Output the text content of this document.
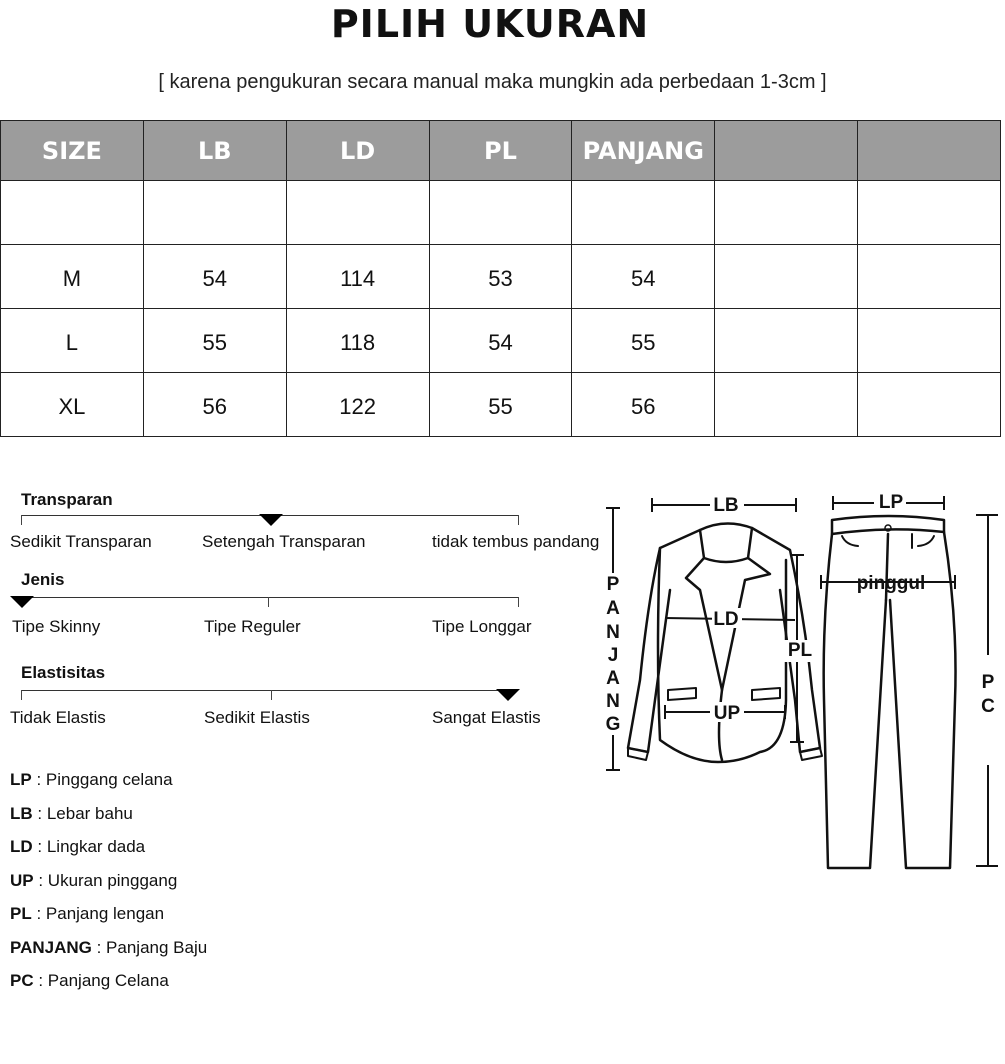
PILIH UKURAN
[ karena pengukuran secara manual maka mungkin ada perbedaan 1-3cm ]
SIZE	LB	LD	PL	PANJANG		

M	54	114	53	54		
L	55	118	54	55		
XL	56	122	55	56		
Transparan
Sedikit Transparan	Setengah Transparan	tidak tembus pandang
Jenis
Tipe Skinny	Tipe Reguler	Tipe Longgar
Elastisitas
Tidak Elastis	Sedikit Elastis	Sangat Elastis
LP : Pinggang celana
LB : Lebar bahu
LD : Lingkar dada
UP : Ukuran pinggang
PL : Panjang lengan
PANJANG : Panjang Baju
PC : Panjang Celana
LB	LP
pinggul
LD
UP
PL
P
A
N
J
A
N
G
P
C
